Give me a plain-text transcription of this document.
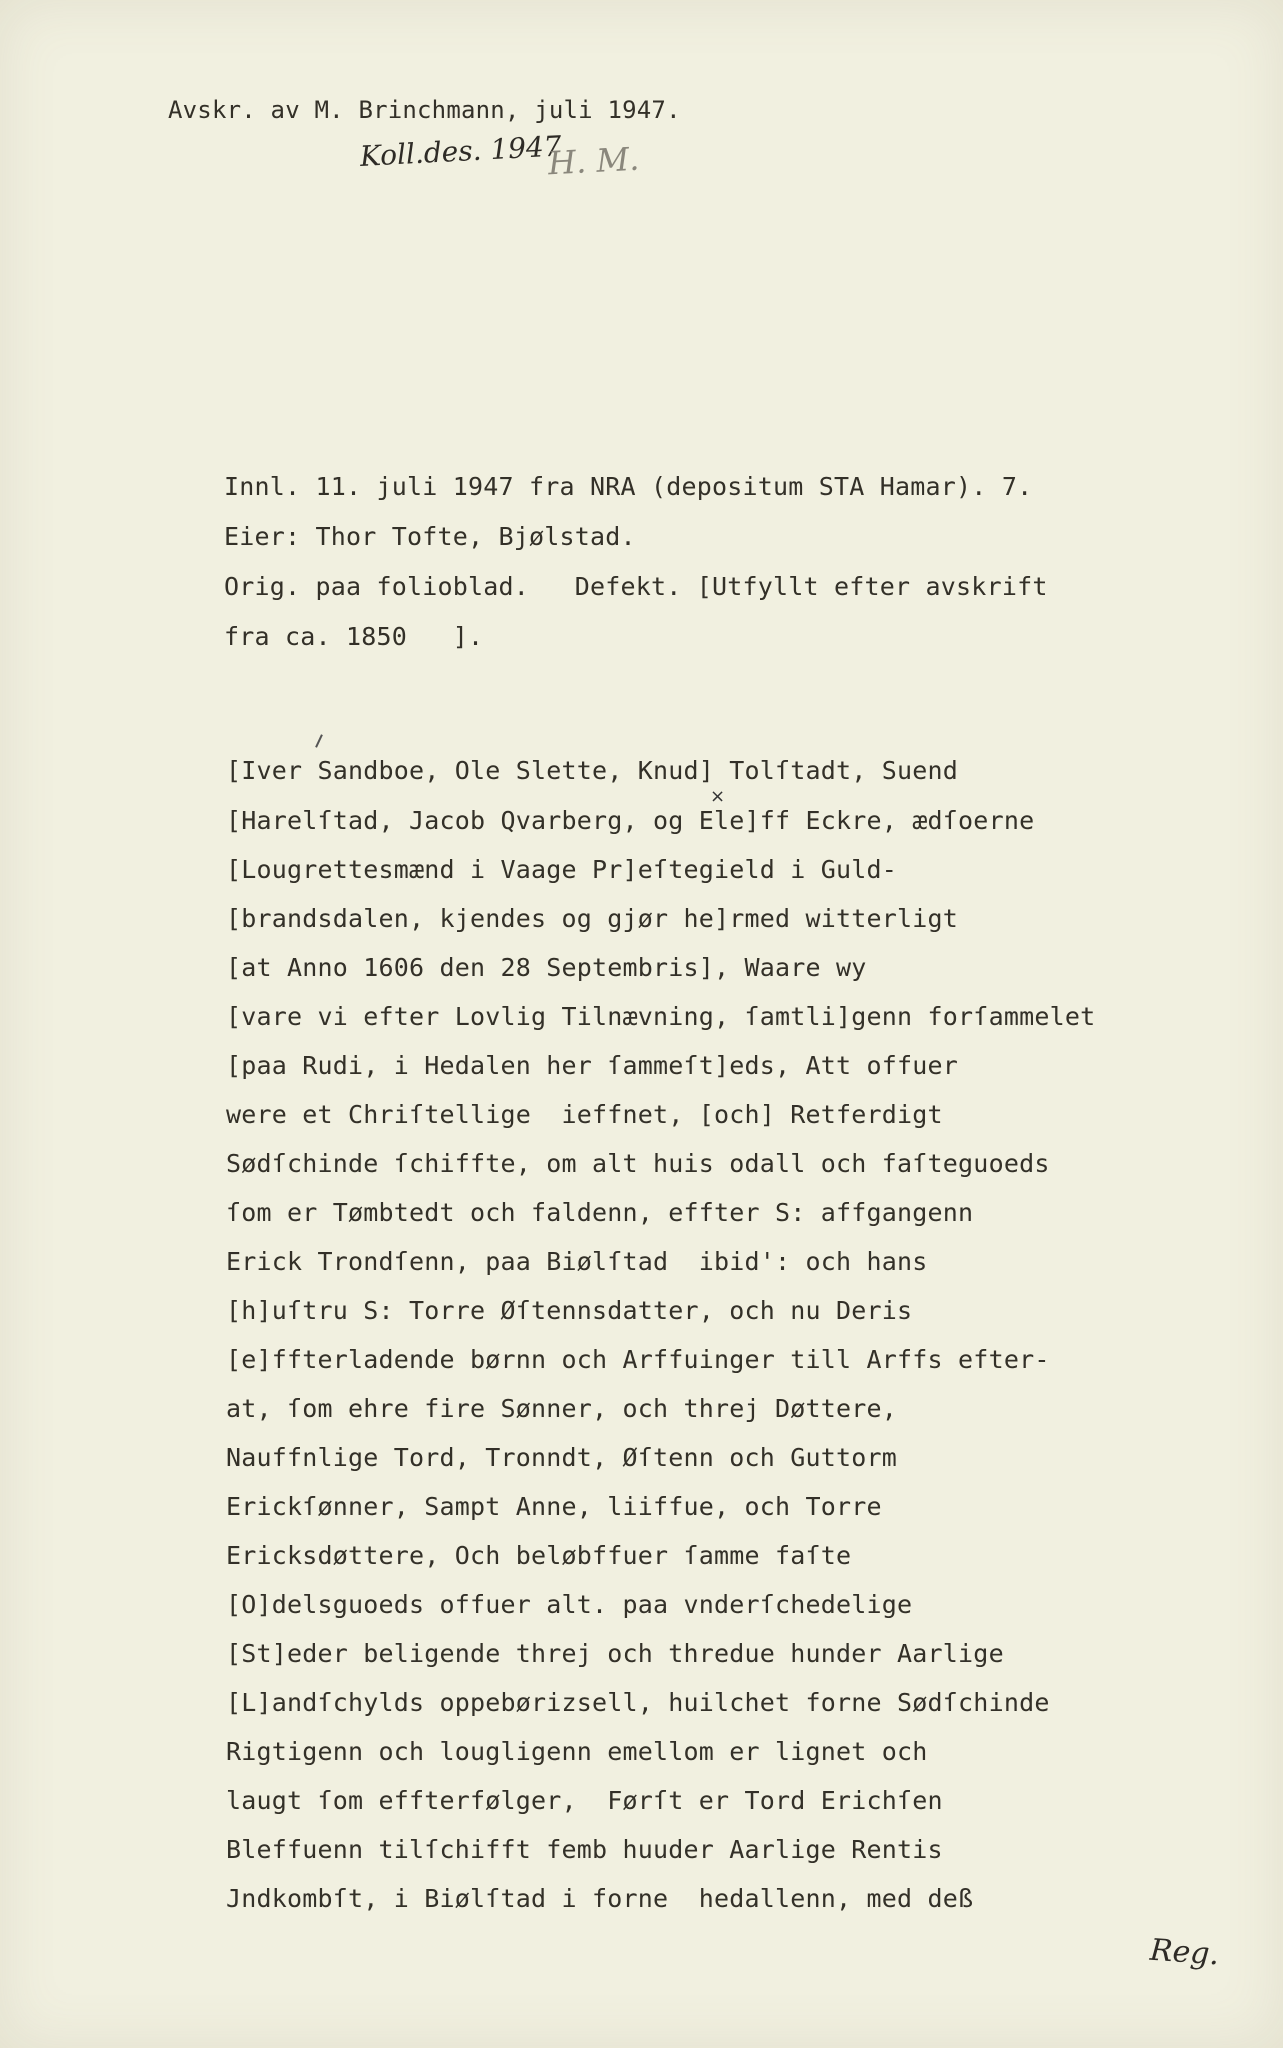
Avskr. av M. Brinchmann, juli 1947.
Koll.des. 1947
H. M.
Innl. 11. juli 1947 fra NRA (depositum STA Hamar). 7.
Eier: Thor Tofte, Bjølstad.
Orig. paa folioblad.   Defekt. [Utfyllt efter avskrift
fra ca. 1850   ].
×
[Iver Sandboe, Ole Slette, Knud] Tolſtadt, Suend
[Harelſtad, Jacob Qvarberg, og Ele]ff Eckre, ædſoerne
[Lougrettesmænd i Vaage Pr]eſtegield i Guld-
[brandsdalen, kjendes og gjør he]rmed witterligt
[at Anno 1606 den 28 Septembris], Waare wy
[vare vi efter Lovlig Tilnævning, ſamtli]genn forſammelet
[paa Rudi, i Hedalen her ſammeſt]eds, Att offuer
were et Chriſtellige  ieffnet, [och] Retferdigt
Sødſchinde ſchiffte, om alt huis odall och faſteguoeds
ſom er Tømbtedt och faldenn, effter S: affgangenn
Erick Trondſenn, paa Biølſtad  ibid': och hans
[h]uſtru S: Torre Øſtennsdatter, och nu Deris
[e]ffterladende børnn och Arffuinger till Arffs efter-
at, ſom ehre fire Sønner, och threj Døttere,
Nauffnlige Tord, Tronndt, Øſtenn och Guttorm
Erickſønner, Sampt Anne, liiffue, och Torre
Ericksdøttere, Och beløbffuer ſamme faſte
[O]delsguoeds offuer alt. paa vnderſchedelige
[St]eder beligende threj och thredue hunder Aarlige
[L]andſchylds oppebørizsell, huilchet forne Sødſchinde
Rigtigenn och lougligenn emellom er lignet och
laugt ſom effterfølger,  Førſt er Tord Erichſen
Bleffuenn tilſchifft femb huuder Aarlige Rentis
Jndkombſt, i Biølſtad i forne  hedallenn, med deß
Reg.
